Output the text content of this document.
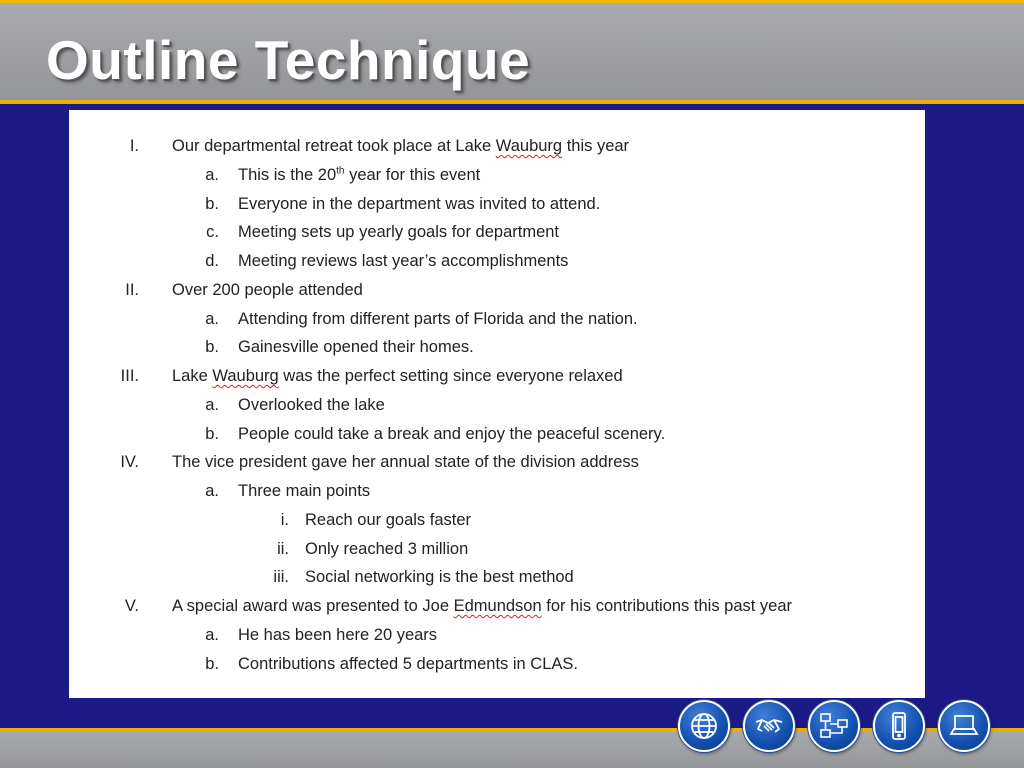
Outline Technique
I. Our departmental retreat took place at Lake Wauburg this year
a. This is the 20th year for this event
b. Everyone in the department was invited to attend.
c. Meeting sets up yearly goals for department
d. Meeting reviews last year’s accomplishments
II. Over 200 people attended
a. Attending from different parts of Florida and the nation.
b. Gainesville opened their homes.
III. Lake Wauburg was the perfect setting since everyone relaxed
a. Overlooked the lake
b. People could take a break and enjoy the peaceful scenery.
IV. The vice president gave her annual state of the division address
a. Three main points
i. Reach our goals faster
ii. Only reached 3 million
iii. Social networking is the best method
V. A special award was presented to Joe Edmundson for his contributions this past year
a. He has been here 20 years
b. Contributions affected 5 departments in CLAS.
